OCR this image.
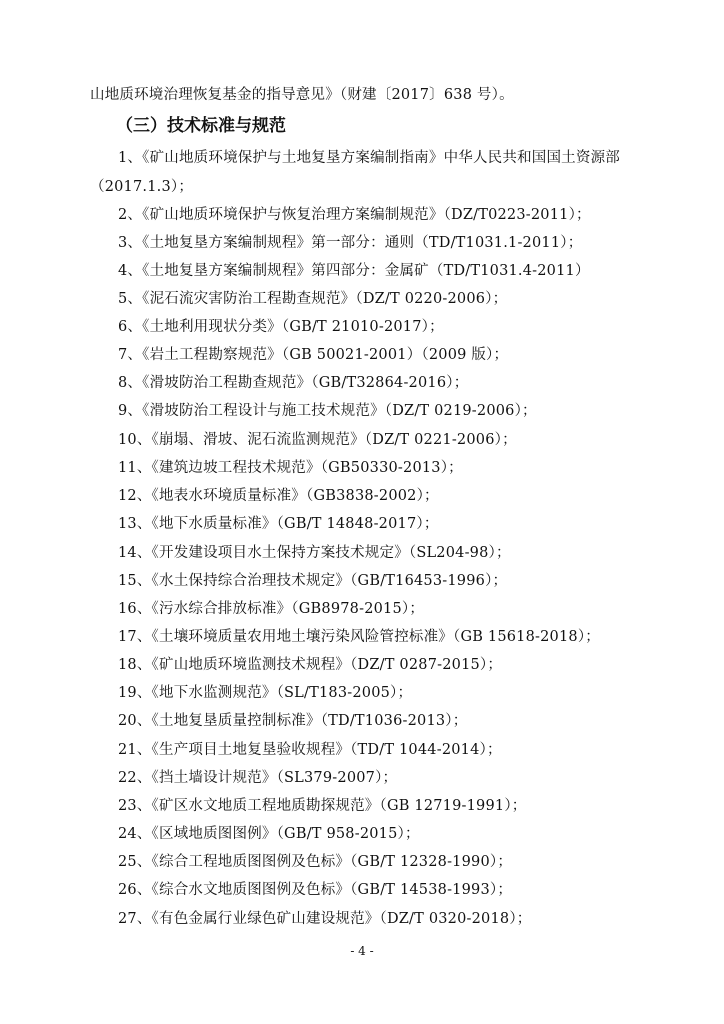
山地质环境治理恢复基金的指导意见》（财建〔2017〕638 号）。
（三）技术标准与规范
1、《矿山地质环境保护与土地复垦方案编制指南》中华人民共和国国土资源部
（2017.1.3）；
2、《矿山地质环境保护与恢复治理方案编制规范》（DZ/T0223-2011）；
3、《土地复垦方案编制规程》第一部分：通则（TD/T1031.1-2011）；
4、《土地复垦方案编制规程》第四部分：金属矿（TD/T1031.4-2011）
5、《泥石流灾害防治工程勘查规范》（DZ/T 0220-2006）；
6、《土地利用现状分类》（GB/T 21010-2017）；
7、《岩土工程勘察规范》（GB 50021-2001）（2009 版）；
8、《滑坡防治工程勘查规范》（GB/T32864-2016）；
9、《滑坡防治工程设计与施工技术规范》（DZ/T 0219-2006）；
10、《崩塌、滑坡、泥石流监测规范》（DZ/T 0221-2006）；
11、《建筑边坡工程技术规范》（GB50330-2013）；
12、《地表水环境质量标准》（GB3838-2002）；
13、《地下水质量标准》（GB/T 14848-2017）；
14、《开发建设项目水土保持方案技术规定》（SL204-98）；
15、《水土保持综合治理技术规定》（GB/T16453-1996）；
16、《污水综合排放标准》（GB8978-2015）；
17、《土壤环境质量农用地土壤污染风险管控标准》（GB 15618-2018）；
18、《矿山地质环境监测技术规程》（DZ/T 0287-2015）；
19、《地下水监测规范》（SL/T183-2005）；
20、《土地复垦质量控制标准》（TD/T1036-2013）；
21、《生产项目土地复垦验收规程》（TD/T 1044-2014）；
22、《挡土墙设计规范》（SL379-2007）；
23、《矿区水文地质工程地质勘探规范》（GB 12719-1991）；
24、《区域地质图图例》（GB/T 958-2015）；
25、《综合工程地质图图例及色标》（GB/T 12328-1990）；
26、《综合水文地质图图例及色标》（GB/T 14538-1993）；
27、《有色金属行业绿色矿山建设规范》（DZ/T 0320-2018）；
- 4 -
